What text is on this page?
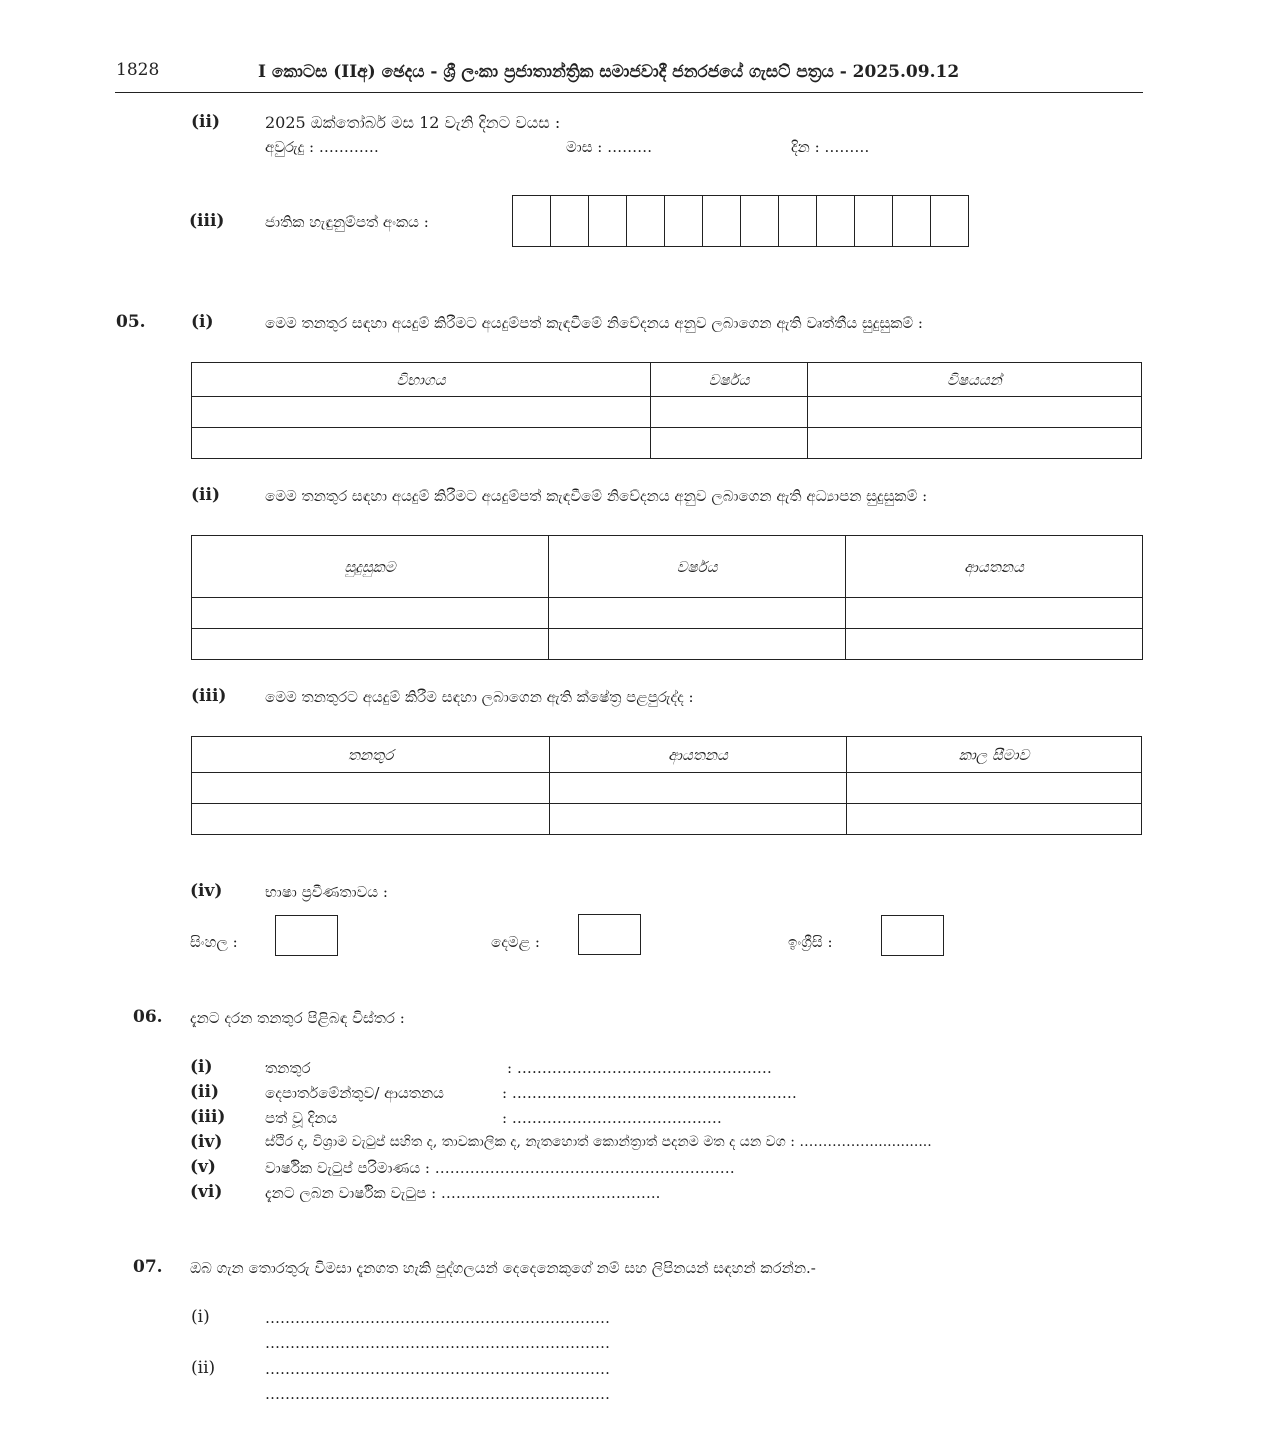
1828	I කොටස (IIඅ) ඡෙදය - ශ්‍රී ලංකා ප්‍රජාතාන්ත්‍රික සමාජවාදී ජනරජයේ ගැසට් පත්‍රය - 2025.09.12
(ii)	2025 ඔක්තෝබර් මස 12 වැනි දිනට වයස :
අවුරුදු : …………	මාස : ………	දින : ………
(iii)	ජාතික හැඳුනුම්පත් අංකය :
05.	(i)	මෙම තනතුර සඳහා අයදුම් කිරීමට අයදුම්පත් කැඳවීමේ නිවේදනය අනුව ලබාගෙන ඇති වෘත්තීය සුදුසුකම් :
විභාගය	වර්ෂය	විෂයයන්

(ii)	මෙම තනතුර සඳහා අයදුම් කිරීමට අයදුම්පත් කැඳවීමේ නිවේදනය අනුව ලබාගෙන ඇති අධ්‍යාපන සුදුසුකම් :
සුදුසුකම	වර්ෂය	ආයතනය

(iii)	මෙම තනතුරට අයදුම් කිරීම සඳහා ලබාගෙන ඇති ක්ෂේත්‍ර පළපුරුද්ද :
තනතුර	ආයතනය	කාල සීමාව

(iv)	භාෂා ප්‍රවීණතාවය :
සිංහල :	දෙමළ :	ඉංග්‍රීසි :
06. දැනට දරන තනතුර පිළිබඳ විස්තර :
(i)	තනතුර	: ……………………………………………
(ii)	දෙපාර්තමේන්තුව/ ආයතනය	: …………………………………………………
(iii)	පත් වූ දිනය	: ……………………………………
(iv)	ස්ථිර ද, විශ්‍රාම වැටුප් සහිත ද, තාවකාලික ද, නැතහොත් කොන්ත්‍රාත් පදනම මත ද යන වග : ……………..............
(v)	වාර්ෂික වැටුප් පරිමාණය : ……………………………………………………
(vi)	දැනට ලබන වාර්ෂික වැටුප : ……………………………………..
07. ඔබ ගැන තොරතුරු විමසා දැනගත හැකි පුද්ගලයන් දෙදෙනෙකුගේ නම් සහ ලිපිනයන් සඳහන් කරන්න.-
(i)	……………………………………………………………
……………………………………………………………
(ii)	……………………………………………………………
……………………………………………………………
